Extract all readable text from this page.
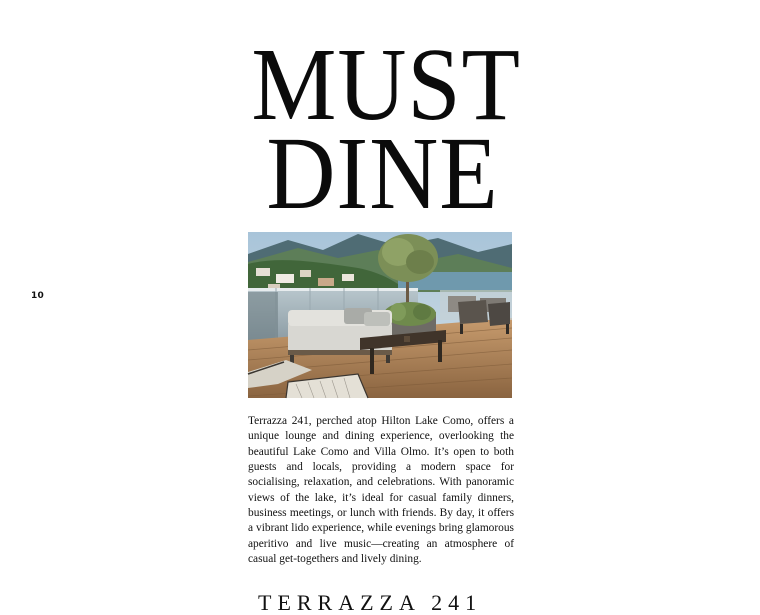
10
MUST
DINE

Terrazza 241, perched atop Hilton Lake Como, offers a unique lounge and dining experience, overlooking the beautiful Lake Como and Villa Olmo. It’s open to both guests and locals, providing a modern space for socialising, relaxation, and celebrations. With panoramic views of the lake, it’s ideal for casual family dinners, business meetings, or lunch with friends. By day, it offers a vibrant lido experience, while evenings bring glamorous aperitivo and live music—creating an atmosphere of casual get-togethers and lively dining.

TERRAZZA 241
